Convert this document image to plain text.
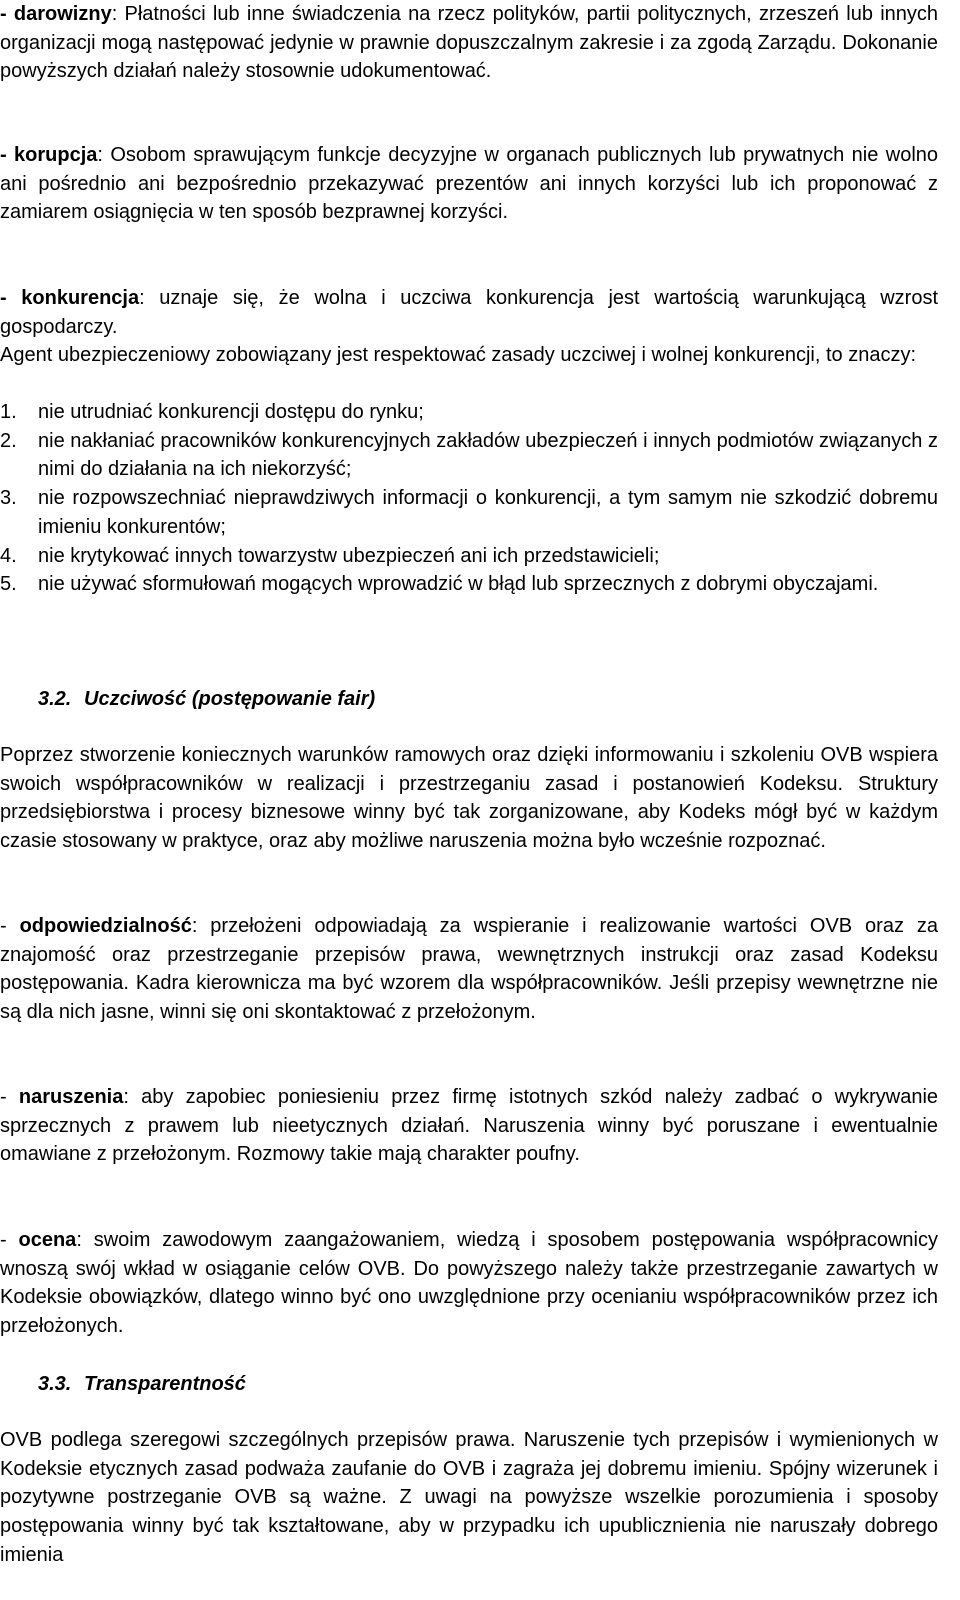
- darowizny: Płatności lub inne świadczenia na rzecz polityków, partii politycznych, zrzeszeń lub innych organizacji mogą następować jedynie w prawnie dopuszczalnym zakresie i za zgodą Zarządu. Dokonanie powyższych działań należy stosownie udokumentować.

- korupcja: Osobom sprawującym funkcje decyzyjne w organach publicznych lub prywatnych nie wolno ani pośrednio ani bezpośrednio przekazywać prezentów ani innych korzyści lub ich proponować z zamiarem osiągnięcia w ten sposób bezprawnej korzyści.

- konkurencja: uznaje się, że wolna i uczciwa konkurencja jest wartością warunkującą wzrost gospodarczy.

Agent ubezpieczeniowy zobowiązany jest respektować zasady uczciwej i wolnej konkurencji, to znaczy:

1.	nie utrudniać konkurencji dostępu do rynku;
2.	nie nakłaniać pracowników konkurencyjnych zakładów ubezpieczeń i innych podmiotów związanych z nimi do działania na ich niekorzyść;
3.	nie rozpowszechniać nieprawdziwych informacji o konkurencji, a tym samym nie szkodzić dobremu imieniu konkurentów;
4.	nie krytykować innych towarzystw ubezpieczeń ani ich przedstawicieli;
5.	nie używać sformułowań mogących wprowadzić w błąd lub sprzecznych z dobrymi obyczajami.
3.2. Uczciwość (postępowanie fair)

Poprzez stworzenie koniecznych warunków ramowych oraz dzięki informowaniu i szkoleniu OVB wspiera swoich współpracowników w realizacji i przestrzeganiu zasad i postanowień Kodeksu. Struktury przedsiębiorstwa i procesy biznesowe winny być tak zorganizowane, aby Kodeks mógł być w każdym czasie stosowany w praktyce, oraz aby możliwe naruszenia można było wcześnie rozpoznać.

- odpowiedzialność: przełożeni odpowiadają za wspieranie i realizowanie wartości OVB oraz za znajomość oraz przestrzeganie przepisów prawa, wewnętrznych instrukcji oraz zasad Kodeksu postępowania. Kadra kierownicza ma być wzorem dla współpracowników. Jeśli przepisy wewnętrzne nie są dla nich jasne, winni się oni skontaktować z przełożonym.

- naruszenia: aby zapobiec poniesieniu przez firmę istotnych szkód należy zadbać o wykrywanie sprzecznych z prawem lub nieetycznych działań. Naruszenia winny być poruszane i ewentualnie omawiane z przełożonym. Rozmowy takie mają charakter poufny.

- ocena: swoim zawodowym zaangażowaniem, wiedzą i sposobem postępowania współpracownicy wnoszą swój wkład w osiąganie celów OVB. Do powyższego należy także przestrzeganie zawartych w Kodeksie obowiązków, dlatego winno być ono uwzględnione przy ocenianiu współpracowników przez ich przełożonych.

3.3. Transparentność

OVB podlega szeregowi szczególnych przepisów prawa. Naruszenie tych przepisów i wymienionych w Kodeksie etycznych zasad podważa zaufanie do OVB i zagraża jej dobremu imieniu. Spójny wizerunek i pozytywne postrzeganie OVB są ważne. Z uwagi na powyższe wszelkie porozumienia i sposoby postępowania winny być tak kształtowane, aby w przypadku ich upublicznienia nie naruszały dobrego imienia
